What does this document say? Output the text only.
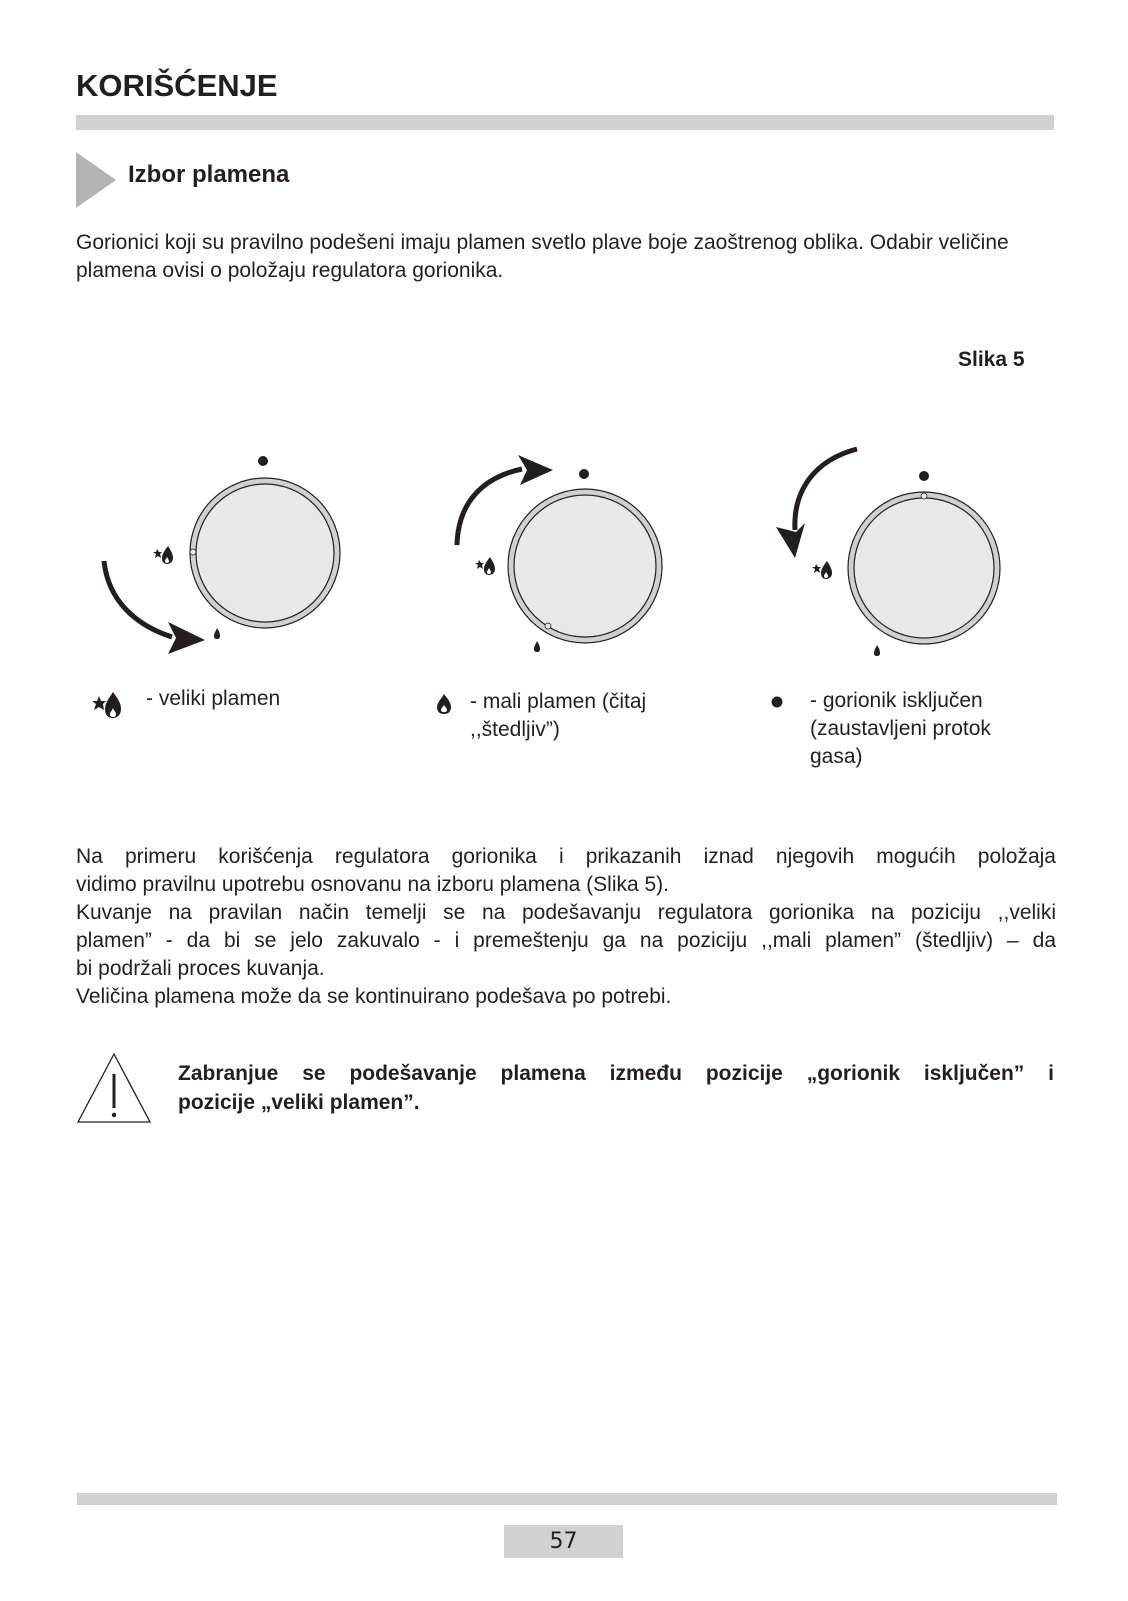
KORIŠĆENJE
Izbor plamena
Gorionici koji su pravilno podešeni imaju plamen svetlo plave boje zaoštrenog oblika. Odabir veličine plamena ovisi o položaju regulatora gorionika.
Slika 5
- veliki plamen	- mali plamen (čitaj
,,štedljiv”)
- gorionik isključen
(zaustavljeni protok
gasa)
Na primeru korišćenja regulatora gorionika i prikazanih iznad njegovih mogućih položaja
vidimo pravilnu upotrebu osnovanu na izboru plamena (Slika 5).
Kuvanje na pravilan način temelji se na podešavanju regulatora gorionika na poziciju ,,veliki
plamen” - da bi se jelo zakuvalo - i premeštenju ga na poziciju ,,mali plamen” (štedljiv) – da
bi podržali proces kuvanja.
Veličina plamena može da se kontinuirano podešava po potrebi.
Zabranjue se podešavanje plamena između pozicije „gorionik isključen” i
pozicije „veliki plamen”.
57
